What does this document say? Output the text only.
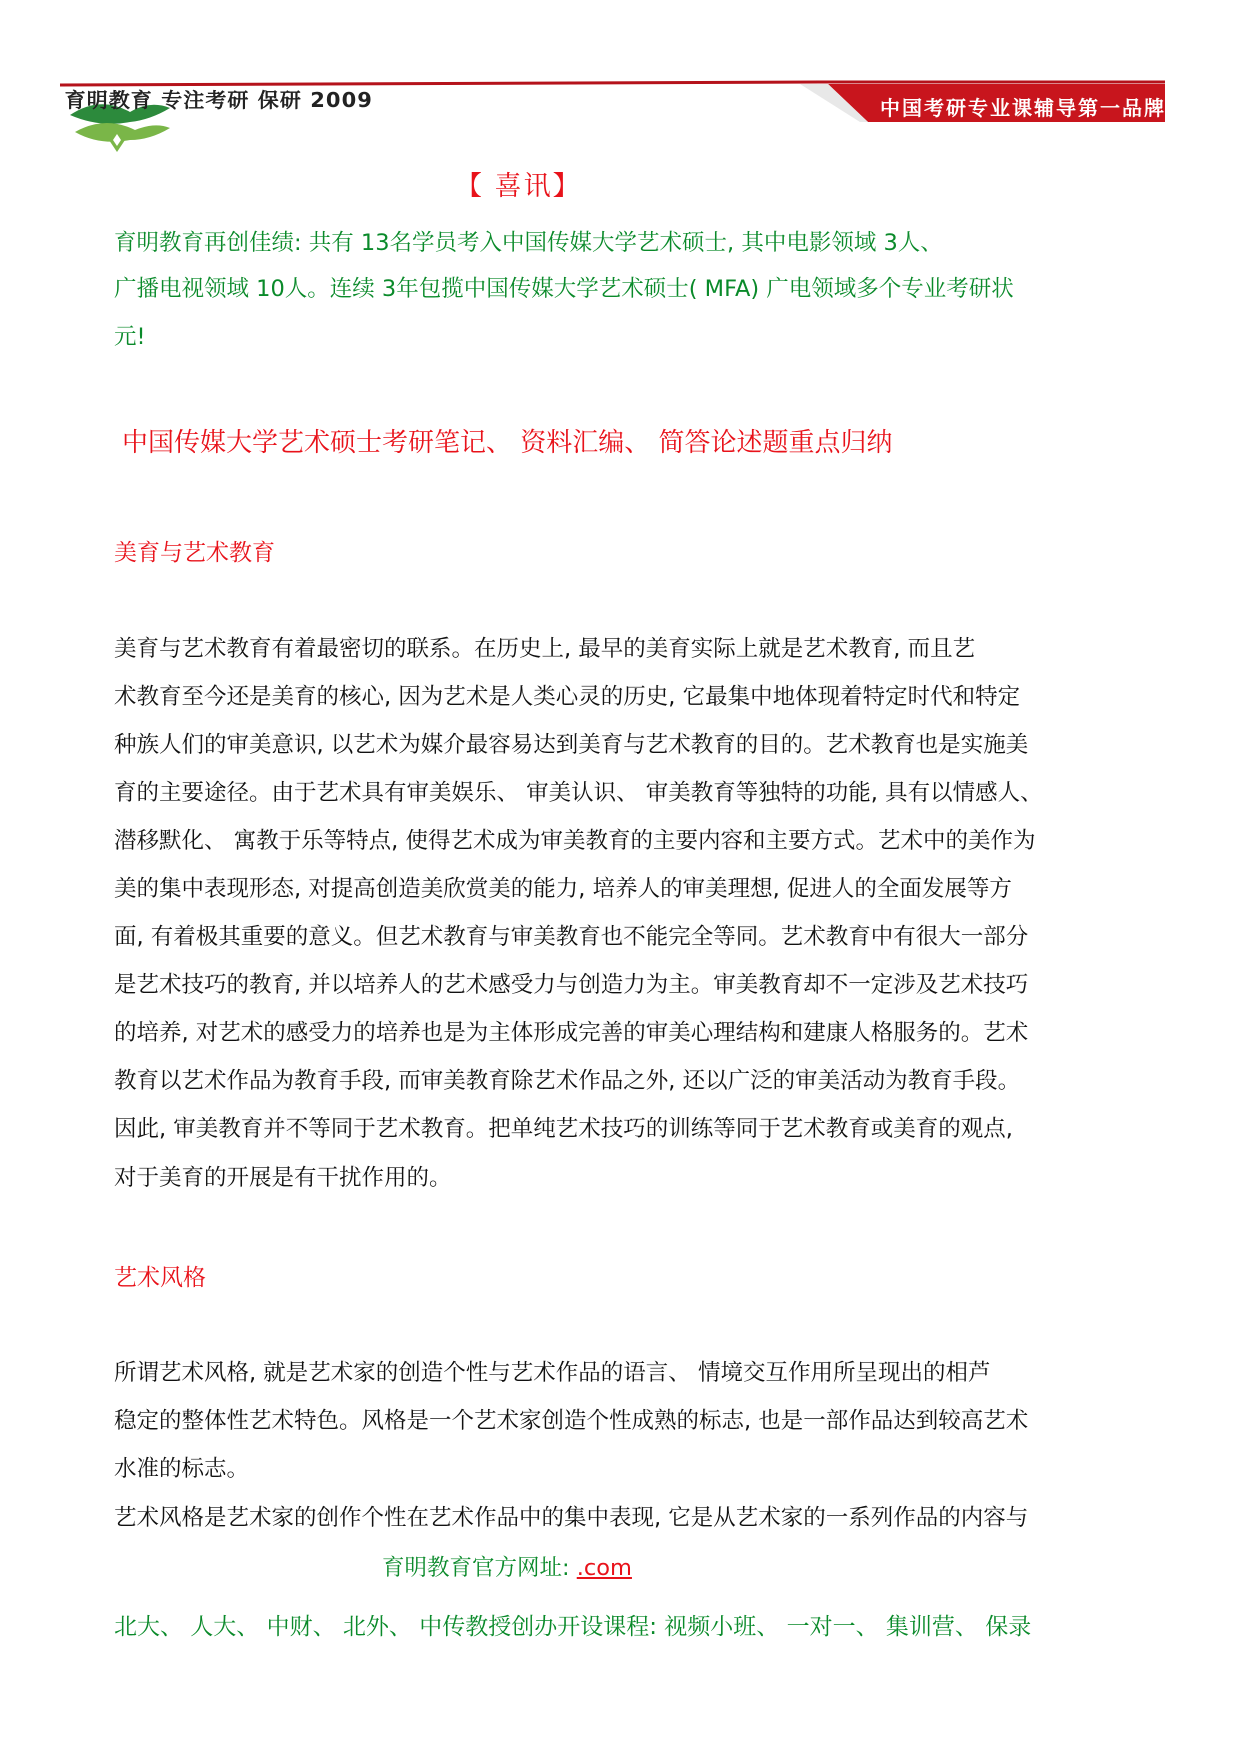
育明教育 专注考研 保研 2009	中国考研专业课辅导第一品牌
【 喜讯】
育明教育再创佳绩: 共有 13名学员考入中国传媒大学艺术硕士, 其中电影领域 3人、
广播电视领域 10人。连续 3年包揽中国传媒大学艺术硕士( MFA) 广电领域多个专业考研状
元!
中国传媒大学艺术硕士考研笔记、 资料汇编、 简答论述题重点归纳
美育与艺术教育
美育与艺术教育有着最密切的联系。在历史上, 最早的美育实际上就是艺术教育, 而且艺
术教育至今还是美育的核心, 因为艺术是人类心灵的历史, 它最集中地体现着特定时代和特定
种族人们的审美意识, 以艺术为媒介最容易达到美育与艺术教育的目的。艺术教育也是实施美
育的主要途径。由于艺术具有审美娱乐、 审美认识、 审美教育等独特的功能, 具有以情感人、
潜移默化、 寓教于乐等特点, 使得艺术成为审美教育的主要内容和主要方式。艺术中的美作为
美的集中表现形态, 对提高创造美欣赏美的能力, 培养人的审美理想, 促进人的全面发展等方
面, 有着极其重要的意义。但艺术教育与审美教育也不能完全等同。艺术教育中有很大一部分
是艺术技巧的教育, 并以培养人的艺术感受力与创造力为主。审美教育却不一定涉及艺术技巧
的培养, 对艺术的感受力的培养也是为主体形成完善的审美心理结构和建康人格服务的。艺术
教育以艺术作品为教育手段, 而审美教育除艺术作品之外, 还以广泛的审美活动为教育手段。
因此, 审美教育并不等同于艺术教育。把单纯艺术技巧的训练等同于艺术教育或美育的观点,
对于美育的开展是有干扰作用的。
艺术风格
所谓艺术风格, 就是艺术家的创造个性与艺术作品的语言、 情境交互作用所呈现出的相芦
稳定的整体性艺术特色。风格是一个艺术家创造个性成熟的标志, 也是一部作品达到较高艺术
水准的标志。
艺术风格是艺术家的创作个性在艺术作品中的集中表现, 它是从艺术家的一系列作品的内容与
育明教育官方网址: .com
北大、 人大、 中财、 北外、 中传教授创办开设课程: 视频小班、 一对一、 集训营、 保录
